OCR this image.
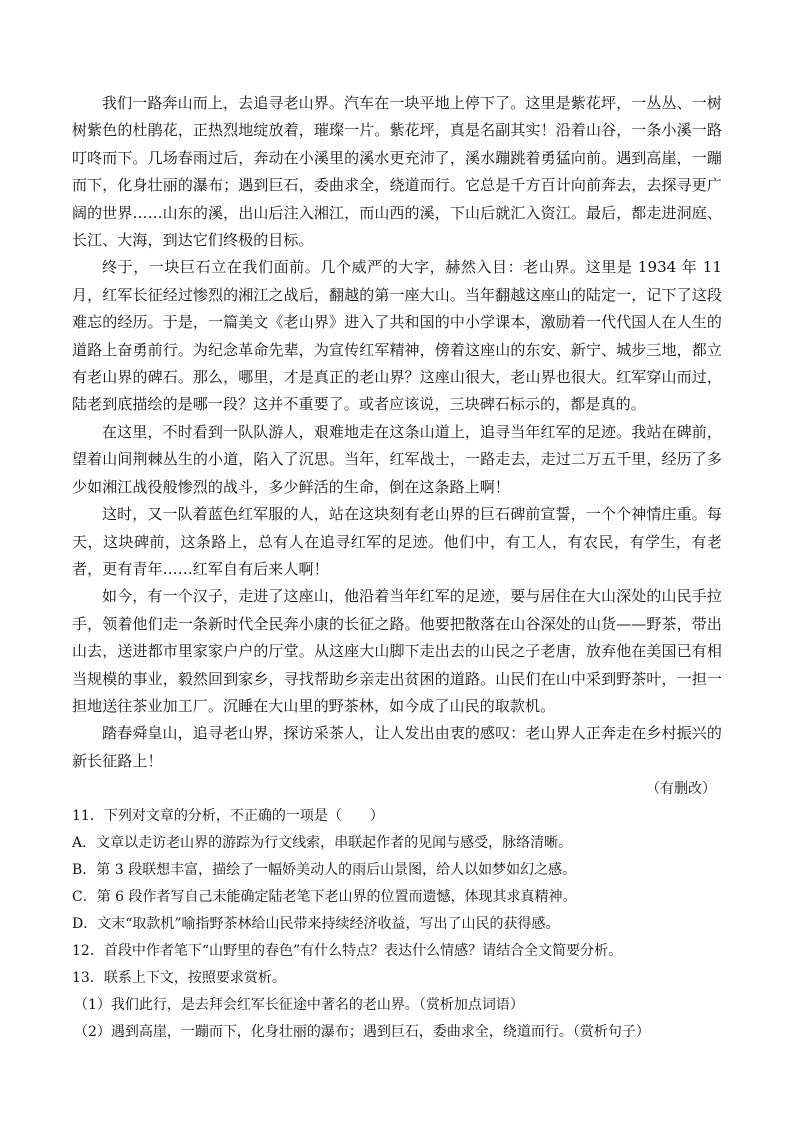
我们一路奔山而上，去追寻老山界。汽车在一块平地上停下了。这里是紫花坪，一丛丛、一树树紫色的杜鹃花，正热烈地绽放着，璀璨一片。紫花坪，真是名副其实！沿着山谷，一条小溪一路叮咚而下。几场春雨过后，奔动在小溪里的溪水更充沛了，溪水蹦跳着勇猛向前。遇到高崖，一蹦而下，化身壮丽的瀑布；遇到巨石，委曲求全，绕道而行。它总是千方百计向前奔去，去探寻更广阔的世界……山东的溪，出山后注入湘江，而山西的溪，下山后就汇入资江。最后，都走进洞庭、长江、大海，到达它们终极的目标。

终于，一块巨石立在我们面前。几个威严的大字，赫然入目：老山界。这里是 1934 年 11 月，红军长征经过惨烈的湘江之战后，翻越的第一座大山。当年翻越这座山的陆定一，记下了这段难忘的经历。于是，一篇美文《老山界》进入了共和国的中小学课本，激励着一代代国人在人生的道路上奋勇前行。为纪念革命先辈，为宣传红军精神，傍着这座山的东安、新宁、城步三地，都立有老山界的碑石。那么，哪里，才是真正的老山界？这座山很大，老山界也很大。红军穿山而过，陆老到底描绘的是哪一段？这并不重要了。或者应该说，三块碑石标示的，都是真的。

在这里，不时看到一队队游人，艰难地走在这条山道上，追寻当年红军的足迹。我站在碑前，望着山间荆棘丛生的小道，陷入了沉思。当年，红军战士，一路走去，走过二万五千里，经历了多少如湘江战役般惨烈的战斗，多少鲜活的生命，倒在这条路上啊！

这时，又一队着蓝色红军服的人，站在这块刻有老山界的巨石碑前宣誓，一个个神情庄重。每天，这块碑前，这条路上，总有人在追寻红军的足迹。他们中，有工人，有农民，有学生，有老者，更有青年……红军自有后来人啊！

如今，有一个汉子，走进了这座山，他沿着当年红军的足迹，要与居住在大山深处的山民手拉手，领着他们走一条新时代全民奔小康的长征之路。他要把散落在山谷深处的山货——野茶，带出山去，送进都市里家家户户的厅堂。从这座大山脚下走出去的山民之子老唐，放弃他在美国已有相当规模的事业，毅然回到家乡，寻找帮助乡亲走出贫困的道路。山民们在山中采到野茶叶，一担一担地送往茶业加工厂。沉睡在大山里的野茶林，如今成了山民的取款机。

踏春舜皇山，追寻老山界，探访采茶人，让人发出由衷的感叹：老山界人正奔走在乡村振兴的新长征路上！

（有删改）

11．下列对文章的分析，不正确的一项是（　　）

A．文章以走访老山界的游踪为行文线索，串联起作者的见闻与感受，脉络清晰。

B．第 3 段联想丰富，描绘了一幅娇美动人的雨后山景图，给人以如梦如幻之感。

C．第 6 段作者写自己未能确定陆老笔下老山界的位置而遗憾，体现其求真精神。

D．文末“取款机”喻指野茶林给山民带来持续经济收益，写出了山民的获得感。

12．首段中作者笔下“山野里的春色”有什么特点？表达什么情感？请结合全文简要分析。

13．联系上下文，按照要求赏析。

（1）我们此行，是去拜会红军长征途中著名的老山界。（赏析加点词语）

（2）遇到高崖，一蹦而下，化身壮丽的瀑布；遇到巨石，委曲求全，绕道而行。（赏析句子）
